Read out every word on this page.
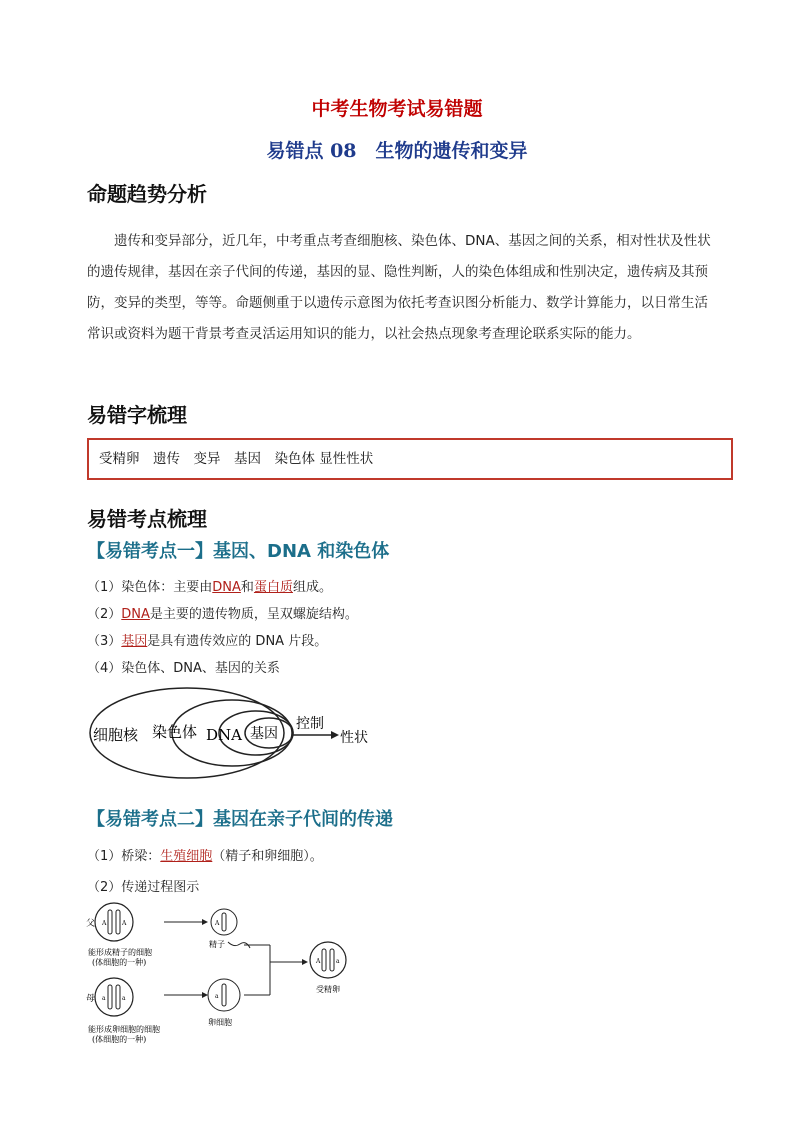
中考生物考试易错题
易错点 08　生物的遗传和变异
命题趋势分析
遗传和变异部分，近几年，中考重点考查细胞核、染色体、DNA、基因之间的关系，相对性状及性状的遗传规律，基因在亲子代间的传递，基因的显、隐性判断，人的染色体组成和性别决定，遗传病及其预防，变异的类型，等等。命题侧重于以遗传示意图为依托考查识图分析能力、数学计算能力，以日常生活常识或资料为题干背景考查灵活运用知识的能力，以社会热点现象考查理论联系实际的能力。
易错字梳理
受精卵　遗传　变异　基因　染色体 显性性状
易错考点梳理
【易错考点一】基因、DNA 和染色体
（1）染色体：主要由DNA和蛋白质组成。
（2）DNA是主要的遗传物质，呈双螺旋结构。
（3）基因是具有遗传效应的 DNA 片段。
（4）染色体、DNA、基因的关系
细胞核 染色体 DNA 基因
控制
性状
【易错考点二】基因在亲子代间的传递
（1）桥梁：生殖细胞（精子和卵细胞）。
（2）传递过程图示
父 A	A
能形成精子的细胞
(体细胞的一种)
A
精子
母 a	a
能形成卵细胞的细胞
(体细胞的一种)
a
卵细胞
A	a
受精卵
